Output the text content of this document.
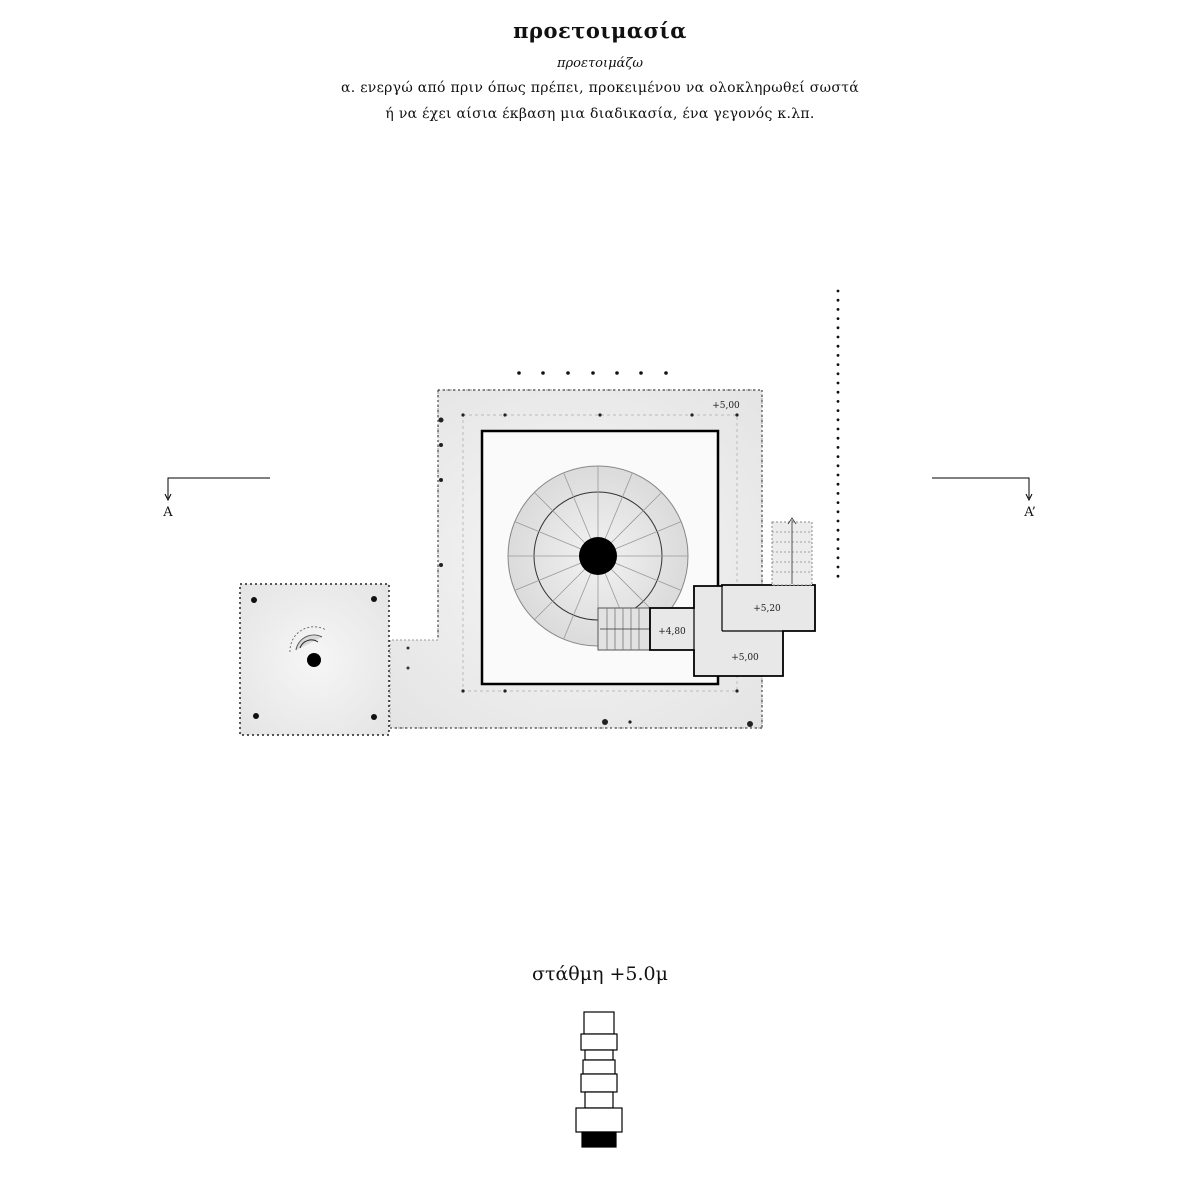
προετοιμασία
προετοιμάζω
α. ενεργώ από πριν όπως πρέπει, προκειμένου να ολοκληρωθεί σωστά
ή να έχει αίσια έκβαση μια διαδικασία, ένα γεγονός κ.λπ.
A	A’
+5,00
+5,20
+5,00
+4,80
στάθμη +5.0μ
